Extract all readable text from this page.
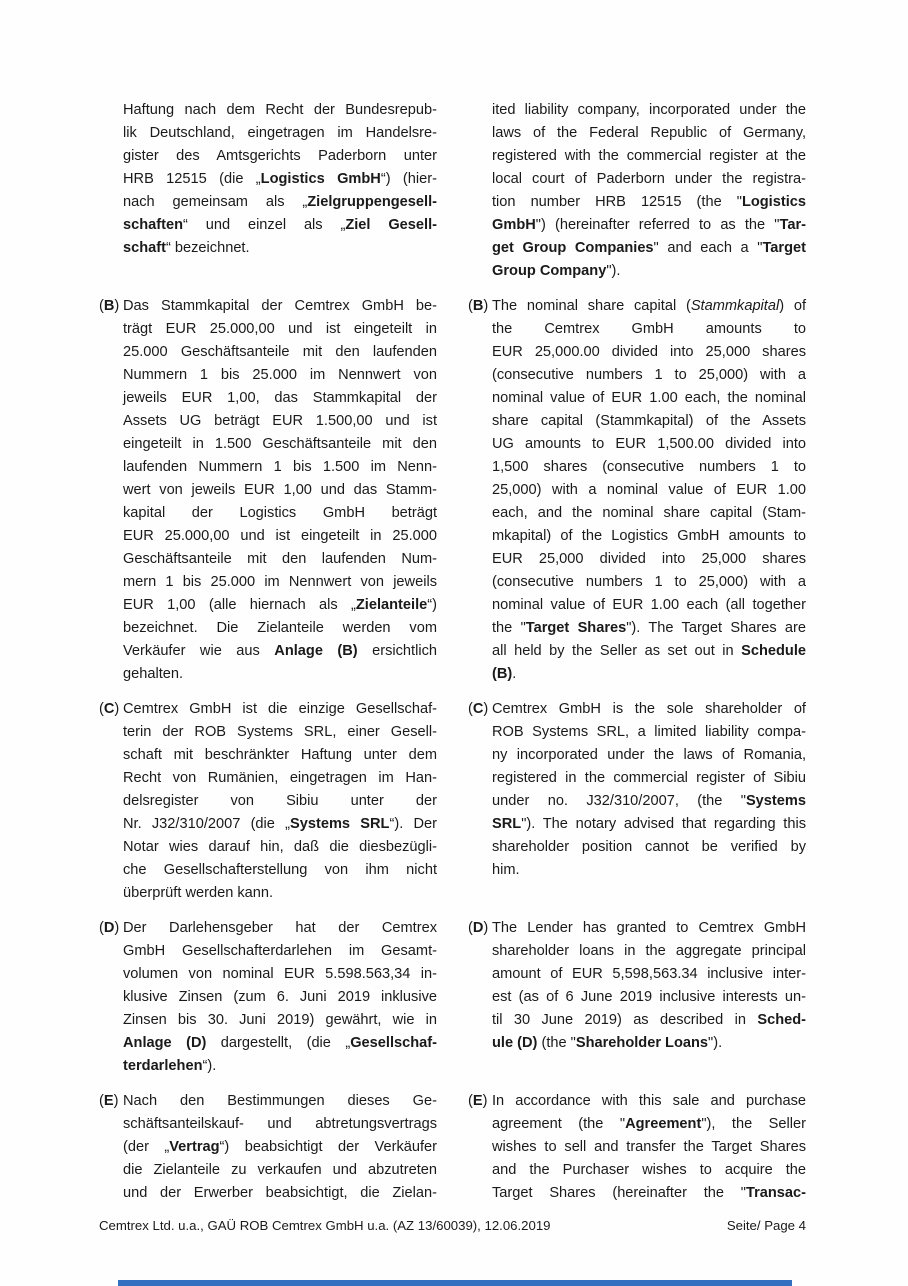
Haftung nach dem Recht der Bundesrepub-
lik Deutschland, eingetragen im Handelsre-
gister des Amtsgerichts Paderborn unter
HRB 12515 (die „Logistics GmbH“) (hier-
nach gemeinsam als „Zielgruppengesell-
schaften“ und einzel als „Ziel Gesell-
schaft“ bezeichnet.
ited liability company, incorporated under the
laws of the Federal Republic of Germany,
registered with the commercial register at the
local court of Paderborn under the registra-
tion number HRB 12515 (the "Logistics
GmbH") (hereinafter referred to as the "Tar-
get Group Companies" and each a "Target
Group Company").
(B) Das Stammkapital der Cemtrex GmbH be-
trägt EUR 25.000,00 und ist eingeteilt in
25.000 Geschäftsanteile mit den laufenden
Nummern 1 bis 25.000 im Nennwert von
jeweils EUR 1,00, das Stammkapital der
Assets UG beträgt EUR 1.500,00 und ist
eingeteilt in 1.500 Geschäftsanteile mit den
laufenden Nummern 1 bis 1.500 im Nenn-
wert von jeweils EUR 1,00 und das Stamm-
kapital der Logistics GmbH beträgt
EUR 25.000,00 und ist eingeteilt in 25.000
Geschäftsanteile mit den laufenden Num-
mern 1 bis 25.000 im Nennwert von jeweils
EUR 1,00 (alle hiernach als „Zielanteile“)
bezeichnet. Die Zielanteile werden vom
Verkäufer wie aus Anlage (B) ersichtlich
gehalten.
(B) The nominal share capital (Stammkapital) of
the Cemtrex GmbH amounts to
EUR 25,000.00 divided into 25,000 shares
(consecutive numbers 1 to 25,000) with a
nominal value of EUR 1.00 each, the nominal
share capital (Stammkapital) of the Assets
UG amounts to EUR 1,500.00 divided into
1,500 shares (consecutive numbers 1 to
25,000) with a nominal value of EUR 1.00
each, and the nominal share capital (Stam-
mkapital) of the Logistics GmbH amounts to
EUR 25,000 divided into 25,000 shares
(consecutive numbers 1 to 25,000) with a
nominal value of EUR 1.00 each (all together
the "Target Shares"). The Target Shares are
all held by the Seller as set out in Schedule
(B).
(C) Cemtrex GmbH ist die einzige Gesellschaf-
terin der ROB Systems SRL, einer Gesell-
schaft mit beschränkter Haftung unter dem
Recht von Rumänien, eingetragen im Han-
delsregister von Sibiu unter der
Nr. J32/310/2007 (die „Systems SRL“). Der
Notar wies darauf hin, daß die diesbezügli-
che Gesellschafterstellung von ihm nicht
überprüft werden kann.
(C) Cemtrex GmbH is the sole shareholder of
ROB Systems SRL, a limited liability compa-
ny incorporated under the laws of Romania,
registered in the commercial register of Sibiu
under no. J32/310/2007, (the "Systems
SRL"). The notary advised that regarding this
shareholder position cannot be verified by
him.
(D) Der Darlehensgeber hat der Cemtrex
GmbH Gesellschafterdarlehen im Gesamt-
volumen von nominal EUR 5.598.563,34 in-
klusive Zinsen (zum 6. Juni 2019 inklusive
Zinsen bis 30. Juni 2019) gewährt, wie in
Anlage (D) dargestellt, (die „Gesellschaf-
terdarlehen“).
(D) The Lender has granted to Cemtrex GmbH
shareholder loans in the aggregate principal
amount of EUR 5,598,563.34 inclusive inter-
est (as of 6 June 2019 inclusive interests un-
til 30 June 2019) as described in Sched-
ule (D) (the "Shareholder Loans").
(E) Nach den Bestimmungen dieses Ge-
schäftsanteilskauf- und abtretungsvertrags
(der „Vertrag“) beabsichtigt der Verkäufer
die Zielanteile zu verkaufen und abzutreten
und der Erwerber beabsichtigt, die Zielan-
(E) In accordance with this sale and purchase
agreement (the "Agreement"), the Seller
wishes to sell and transfer the Target Shares
and the Purchaser wishes to acquire the
Target Shares (hereinafter the "Transac-
Cemtrex Ltd. u.a., GAÜ ROB Cemtrex GmbH u.a. (AZ 13/60039), 12.06.2019	Seite/ Page 4
